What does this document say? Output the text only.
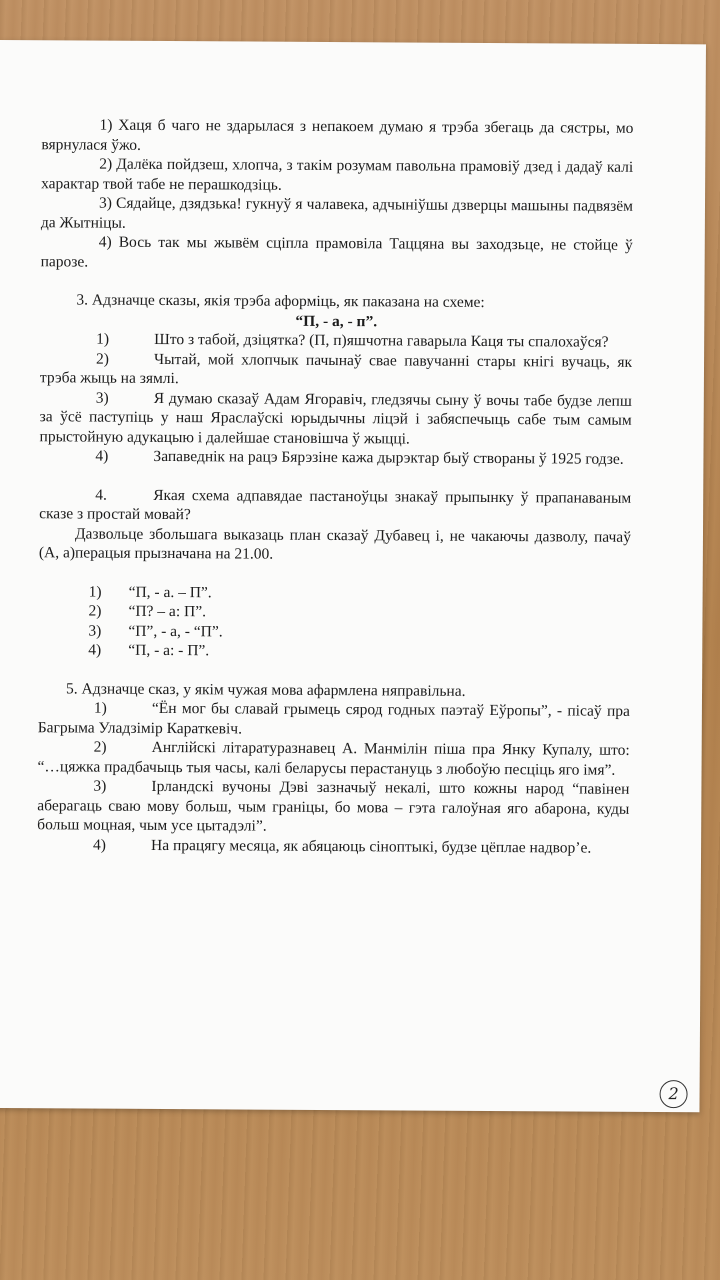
1) Хаця б чаго не здарылася з непакоем думаю я трэба збегаць да сястры, мо вярнулася ўжо.

2) Далёка пойдзеш, хлопча, з такім розумам павольна прамовіў дзед і дадаў калі характар твой табе не перашкодзіць.

3) Сядайце, дзядзька! гукнуў я чалавека, адчыніўшы дзверцы машыны падвязём да Жытніцы.

4) Вось так мы жывём сціпла прамовіла Таццяна вы заходзьце, не стойце ў парозе.

3. Адзначце сказы, якія трэба аформіць, як паказана на схеме:

“П, - а, - п”.

1)	Што з табой, дзіцятка? (П, п)яшчотна гаварыла Каця ты спалохаўся?

2)	Чытай, мой хлопчык пачынаў свае павучанні стары кнігі вучаць, як трэба жыць на зямлі.

3)	Я думаю сказаў Адам Ягоравіч, гледзячы сыну ў вочы табе будзе лепш за ўсё паступіць у наш Яраслаўскі юрыдычны ліцэй і забяспечыць сабе тым самым прыстойную адукацыю і далейшае становішча ў жыцці.

4)	Запаведнік на рацэ Бярэзіне кажа дырэктар быў створаны ў 1925 годзе.

4.	Якая схема адпавядае пастаноўцы знакаў прыпынку ў прапанаваным сказе з простай мовай?

Дазвольце збольшага выказаць план сказаў Дубавец і, не чакаючы дазволу, пачаў (А, а)перацыя прызначана на 21.00.

1) “П, - а. – П”.

2) “П? – а: П”.

3) “П”, - а, - “П”.

4) “П, - а: - П”.

5. Адзначце сказ, у якім чужая мова афармлена няправільна.

1)	“Ён мог бы славай грымець сярод годных паэтаў Еўропы”, - пісаў пра Багрыма Уладзімір Караткевіч.

2)	Англійскі літаратуразнавец А. Манмілін піша пра Янку Купалу, што: “…цяжка прадбачыць тыя часы, калі беларусы перастануць з любоўю песціць яго імя”.

3)	Ірландскі вучоны Дэві зазначыў некалі, што кожны народ “павінен аберагаць сваю мову больш, чым граніцы, бо мова – гэта галоўная яго абарона, куды больш моцная, чым усе цытадэлі”.

4)	На працягу месяца, як абяцаюць сіноптыкі, будзе цёплае надвор’е.

2
